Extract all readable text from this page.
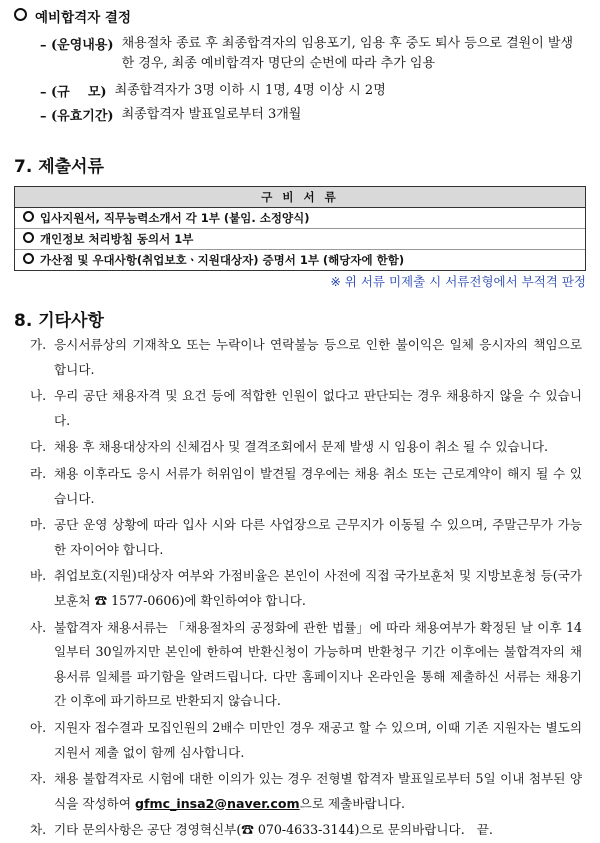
예비합격자 결정
– (운영내용) 채용절차 종료 후 최종합격자의 임용포기, 임용 후 중도 퇴사 등으로 결원이 발생한 경우, 최종 예비합격자 명단의 순번에 따라 추가 임용
– (규    모) 최종합격자가 3명 이하 시 1명, 4명 이상 시 2명
– (유효기간) 최종합격자 발표일로부터 3개월
7. 제출서류
구 비 서 류
입사지원서, 직무능력소개서 각 1부 (붙임. 소정양식)
개인정보 처리방침 동의서 1부
가산점 및 우대사항(취업보호ㆍ지원대상자) 증명서 1부 (해당자에 한함)
※ 위 서류 미제출 시 서류전형에서 부적격 판정
8. 기타사항
가. 응시서류상의 기재착오 또는 누락이나 연락불능 등으로 인한 불이익은 일체 응시자의 책임으로 합니다.
나. 우리 공단 채용자격 및 요건 등에 적합한 인원이 없다고 판단되는 경우 채용하지 않을 수 있습니다.
다. 채용 후 채용대상자의 신체검사 및 결격조회에서 문제 발생 시 임용이 취소 될 수 있습니다.
라. 채용 이후라도 응시 서류가 허위임이 발견될 경우에는 채용 취소 또는 근로계약이 해지 될 수 있습니다.
마. 공단 운영 상황에 따라 입사 시와 다른 사업장으로 근무지가 이동될 수 있으며, 주말근무가 가능한 자이어야 합니다.
바. 취업보호(지원)대상자 여부와 가점비율은 본인이 사전에 직접 국가보훈처 및 지방보훈청 등(국가보훈처 ☎ 1577-0606)에 확인하여야 합니다.
사. 불합격자 채용서류는 「채용절차의 공정화에 관한 법률」에 따라 채용여부가 확정된 날 이후 14일부터 30일까지만 본인에 한하여 반환신청이 가능하며 반환청구 기간 이후에는 불합격자의 채용서류 일체를 파기함을 알려드립니다. 다만 홈페이지나 온라인을 통해 제출하신 서류는 채용기간 이후에 파기하므로 반환되지 않습니다.
아. 지원자 접수결과 모집인원의 2배수 미만인 경우 재공고 할 수 있으며, 이때 기존 지원자는 별도의 지원서 제출 없이 함께 심사합니다.
자. 채용 불합격자로 시험에 대한 이의가 있는 경우 전형별 합격자 발표일로부터 5일 이내 첨부된 양식을 작성하여 gfmc_insa2@naver.com으로 제출바랍니다.
차. 기타 문의사항은 공단 경영혁신부(☎ 070-4633-3144)으로 문의바랍니다.   끝.
